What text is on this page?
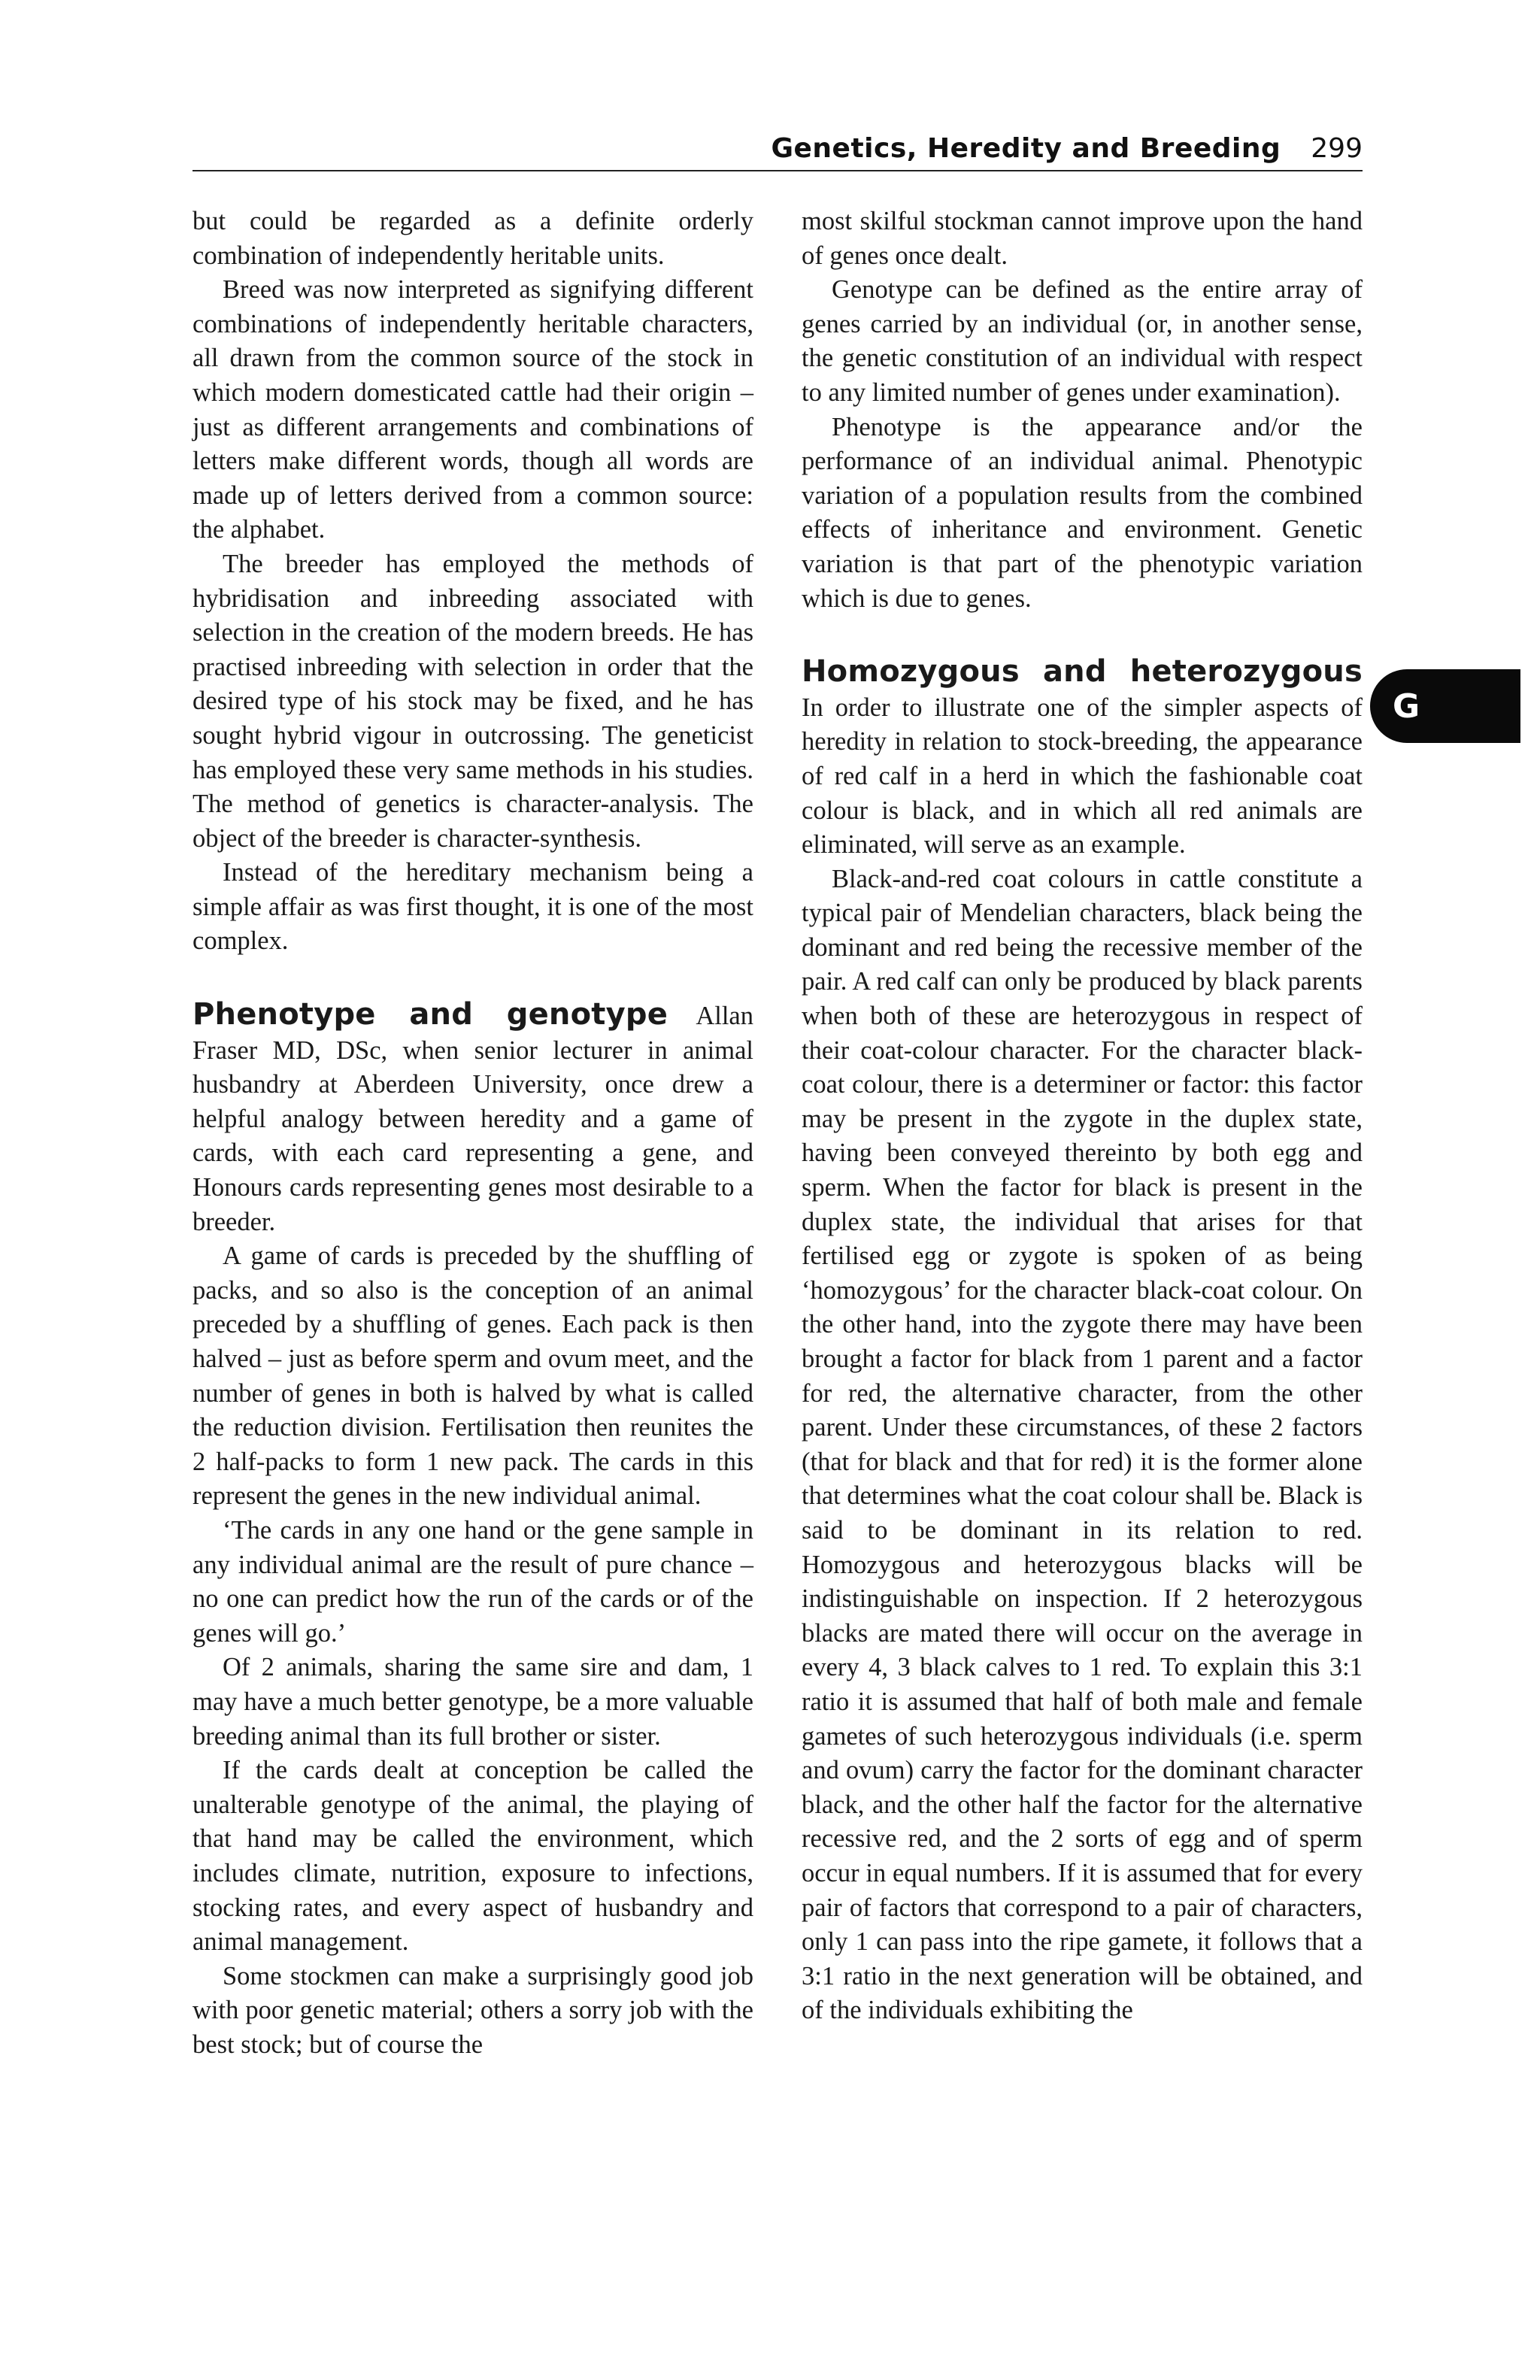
Genetics, Heredity and Breeding 299
G

but could be regarded as a definite orderly combination of independently heritable units.

Breed was now interpreted as signifying different combinations of independently heritable characters, all drawn from the common source of the stock in which modern domesticated cattle had their origin – just as different arrangements and combinations of letters make different words, though all words are made up of letters derived from a common source: the alphabet.

The breeder has employed the methods of hybridisation and inbreeding associated with selection in the creation of the modern breeds. He has practised inbreeding with selection in order that the desired type of his stock may be fixed, and he has sought hybrid vigour in outcrossing. The geneticist has employed these very same methods in his studies. The method of genetics is character-analysis. The object of the breeder is character-synthesis.

Instead of the hereditary mechanism being a simple affair as was first thought, it is one of the most complex.

Phenotype and genotype Allan Fraser MD, DSc, when senior lecturer in animal husbandry at Aberdeen University, once drew a helpful analogy between heredity and a game of cards, with each card representing a gene, and Honours cards representing genes most desirable to a breeder.

A game of cards is preceded by the shuffling of packs, and so also is the conception of an animal preceded by a shuffling of genes. Each pack is then halved – just as before sperm and ovum meet, and the number of genes in both is halved by what is called the reduction division. Fertilisation then reunites the 2 half-packs to form 1 new pack. The cards in this represent the genes in the new individual animal.

‘The cards in any one hand or the gene sample in any individual animal are the result of pure chance – no one can predict how the run of the cards or of the genes will go.’

Of 2 animals, sharing the same sire and dam, 1 may have a much better genotype, be a more valuable breeding animal than its full brother or sister.

If the cards dealt at conception be called the unalterable genotype of the animal, the playing of that hand may be called the environment, which includes climate, nutrition, exposure to infections, stocking rates, and every aspect of husbandry and animal management.

Some stockmen can make a surprisingly good job with poor genetic material; others a sorry job with the best stock; but of course the

most skilful stockman cannot improve upon the hand of genes once dealt.

Genotype can be defined as the entire array of genes carried by an individual (or, in another sense, the genetic constitution of an individual with respect to any limited number of genes under examination).

Phenotype is the appearance and/or the performance of an individual animal. Phenotypic variation of a population results from the combined effects of inheritance and environment. Genetic variation is that part of the phenotypic variation which is due to genes.

Homozygous and heterozygous In order to illustrate one of the simpler aspects of heredity in relation to stock-breeding, the appearance of red calf in a herd in which the fashionable coat colour is black, and in which all red animals are eliminated, will serve as an example.

Black-and-red coat colours in cattle constitute a typical pair of Mendelian characters, black being the dominant and red being the recessive member of the pair. A red calf can only be produced by black parents when both of these are heterozygous in respect of their coat-colour character. For the character black-coat colour, there is a determiner or factor: this factor may be present in the zygote in the duplex state, having been conveyed thereinto by both egg and sperm. When the factor for black is present in the duplex state, the individual that arises for that fertilised egg or zygote is spoken of as being ‘homozygous’ for the character black-coat colour. On the other hand, into the zygote there may have been brought a factor for black from 1 parent and a factor for red, the alternative character, from the other parent. Under these circumstances, of these 2 factors (that for black and that for red) it is the former alone that determines what the coat colour shall be. Black is said to be dominant in its relation to red. Homozygous and heterozygous blacks will be indistinguishable on inspection. If 2 heterozygous blacks are mated there will occur on the average in every 4, 3 black calves to 1 red. To explain this 3:1 ratio it is assumed that half of both male and female gametes of such heterozygous individuals (i.e. sperm and ovum) carry the factor for the dominant character black, and the other half the factor for the alternative recessive red, and the 2 sorts of egg and of sperm occur in equal numbers. If it is assumed that for every pair of factors that correspond to a pair of characters, only 1 can pass into the ripe gamete, it follows that a 3:1 ratio in the next generation will be obtained, and of the individuals exhibiting the
